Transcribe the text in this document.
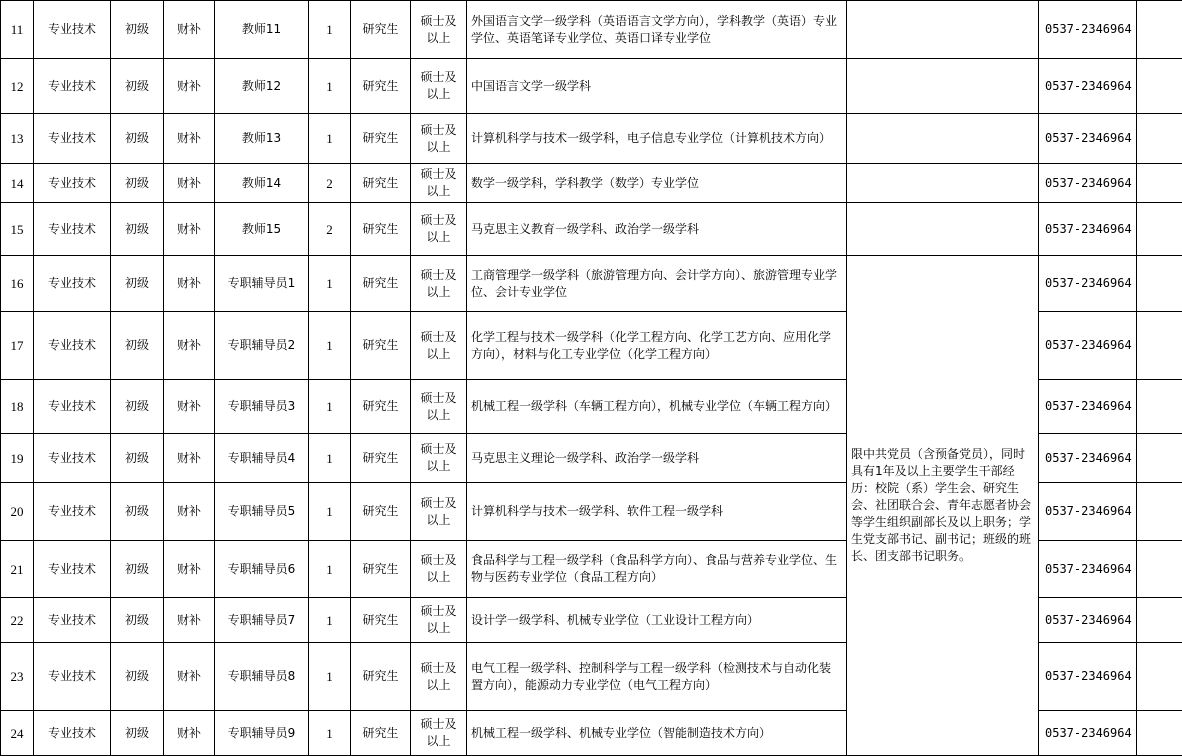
11	专业技术	初级	财补	教师11	1	研究生	硕士及以上	外国语言文学一级学科（英语语言文学方向），学科教学（英语）专业学位、英语笔译专业学位、英语口译专业学位		0537-2346964	
12	专业技术	初级	财补	教师12	1	研究生	硕士及以上	中国语言文学一级学科		0537-2346964	
13	专业技术	初级	财补	教师13	1	研究生	硕士及以上	计算机科学与技术一级学科，电子信息专业学位（计算机技术方向）		0537-2346964	
14	专业技术	初级	财补	教师14	2	研究生	硕士及以上	数学一级学科，学科教学（数学）专业学位		0537-2346964	
15	专业技术	初级	财补	教师15	2	研究生	硕士及以上	马克思主义教育一级学科、政治学一级学科		0537-2346964	
16	专业技术	初级	财补	专职辅导员1	1	研究生	硕士及以上	工商管理学一级学科（旅游管理方向、会计学方向）、旅游管理专业学位、会计专业学位	限中共党员（含预备党员），同时具有1年及以上主要学生干部经历：校院（系）学生会、研究生会、社团联合会、青年志愿者协会等学生组织副部长及以上职务；学生党支部书记、副书记；班级的班长、团支部书记职务。	0537-2346964	
17	专业技术	初级	财补	专职辅导员2	1	研究生	硕士及以上	化学工程与技术一级学科（化学工程方向、化学工艺方向、应用化学方向），材料与化工专业学位（化学工程方向）		0537-2346964	
18	专业技术	初级	财补	专职辅导员3	1	研究生	硕士及以上	机械工程一级学科（车辆工程方向），机械专业学位（车辆工程方向）		0537-2346964	
19	专业技术	初级	财补	专职辅导员4	1	研究生	硕士及以上	马克思主义理论一级学科、政治学一级学科		0537-2346964	
20	专业技术	初级	财补	专职辅导员5	1	研究生	硕士及以上	计算机科学与技术一级学科、软件工程一级学科		0537-2346964	
21	专业技术	初级	财补	专职辅导员6	1	研究生	硕士及以上	食品科学与工程一级学科（食品科学方向）、食品与营养专业学位、生物与医药专业学位（食品工程方向）		0537-2346964	
22	专业技术	初级	财补	专职辅导员7	1	研究生	硕士及以上	设计学一级学科、机械专业学位（工业设计工程方向）		0537-2346964	
23	专业技术	初级	财补	专职辅导员8	1	研究生	硕士及以上	电气工程一级学科、控制科学与工程一级学科（检测技术与自动化装置方向），能源动力专业学位（电气工程方向）		0537-2346964	
24	专业技术	初级	财补	专职辅导员9	1	研究生	硕士及以上	机械工程一级学科、机械专业学位（智能制造技术方向）		0537-2346964	
